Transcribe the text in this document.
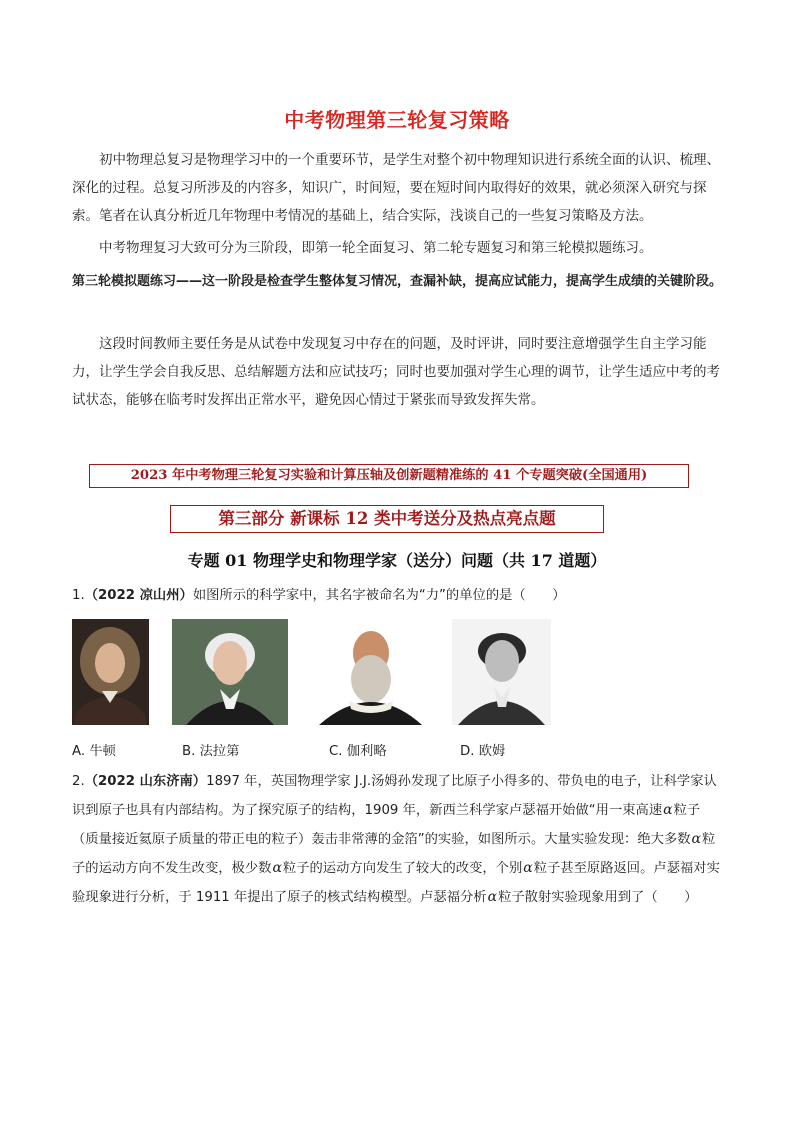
中考物理第三轮复习策略

初中物理总复习是物理学习中的一个重要环节，是学生对整个初中物理知识进行系统全面的认识、梳理、深化的过程。总复习所涉及的内容多，知识广，时间短，要在短时间内取得好的效果，就必须深入研究与探索。笔者在认真分析近几年物理中考情况的基础上，结合实际，浅谈自己的一些复习策略及方法。

中考物理复习大致可分为三阶段，即第一轮全面复习、第二轮专题复习和第三轮模拟题练习。

第三轮模拟题练习——这一阶段是检查学生整体复习情况，查漏补缺，提高应试能力，提高学生成绩的关键阶段。

这段时间教师主要任务是从试卷中发现复习中存在的问题，及时评讲，同时要注意增强学生自主学习能力，让学生学会自我反思、总结解题方法和应试技巧；同时也要加强对学生心理的调节，让学生适应中考的考试状态，能够在临考时发挥出正常水平，避免因心情过于紧张而导致发挥失常。

2023 年中考物理三轮复习实验和计算压轴及创新题精准练的 41 个专题突破(全国通用)
第三部分 新课标 12 类中考送分及热点亮点题
专题 01 物理学史和物理学家（送分）问题（共 17 道题）

1.（2022 凉山州）如图所示的科学家中，其名字被命名为“力”的单位的是（　　）

A. 牛顿	B. 法拉第	C. 伽利略	D. 欧姆

2.（2022 山东济南）1897 年，英国物理学家 J.J.汤姆孙发现了比原子小得多的、带负电的电子，让科学家认识到原子也具有内部结构。为了探究原子的结构，1909 年，新西兰科学家卢瑟福开始做“用一束高速α粒子（质量接近氦原子质量的带正电的粒子）轰击非常薄的金箔”的实验，如图所示。大量实验发现：绝大多数α粒子的运动方向不发生改变，极少数α粒子的运动方向发生了较大的改变，个别α粒子甚至原路返回。卢瑟福对实验现象进行分析，于 1911 年提出了原子的核式结构模型。卢瑟福分析α粒子散射实验现象用到了（　　）
